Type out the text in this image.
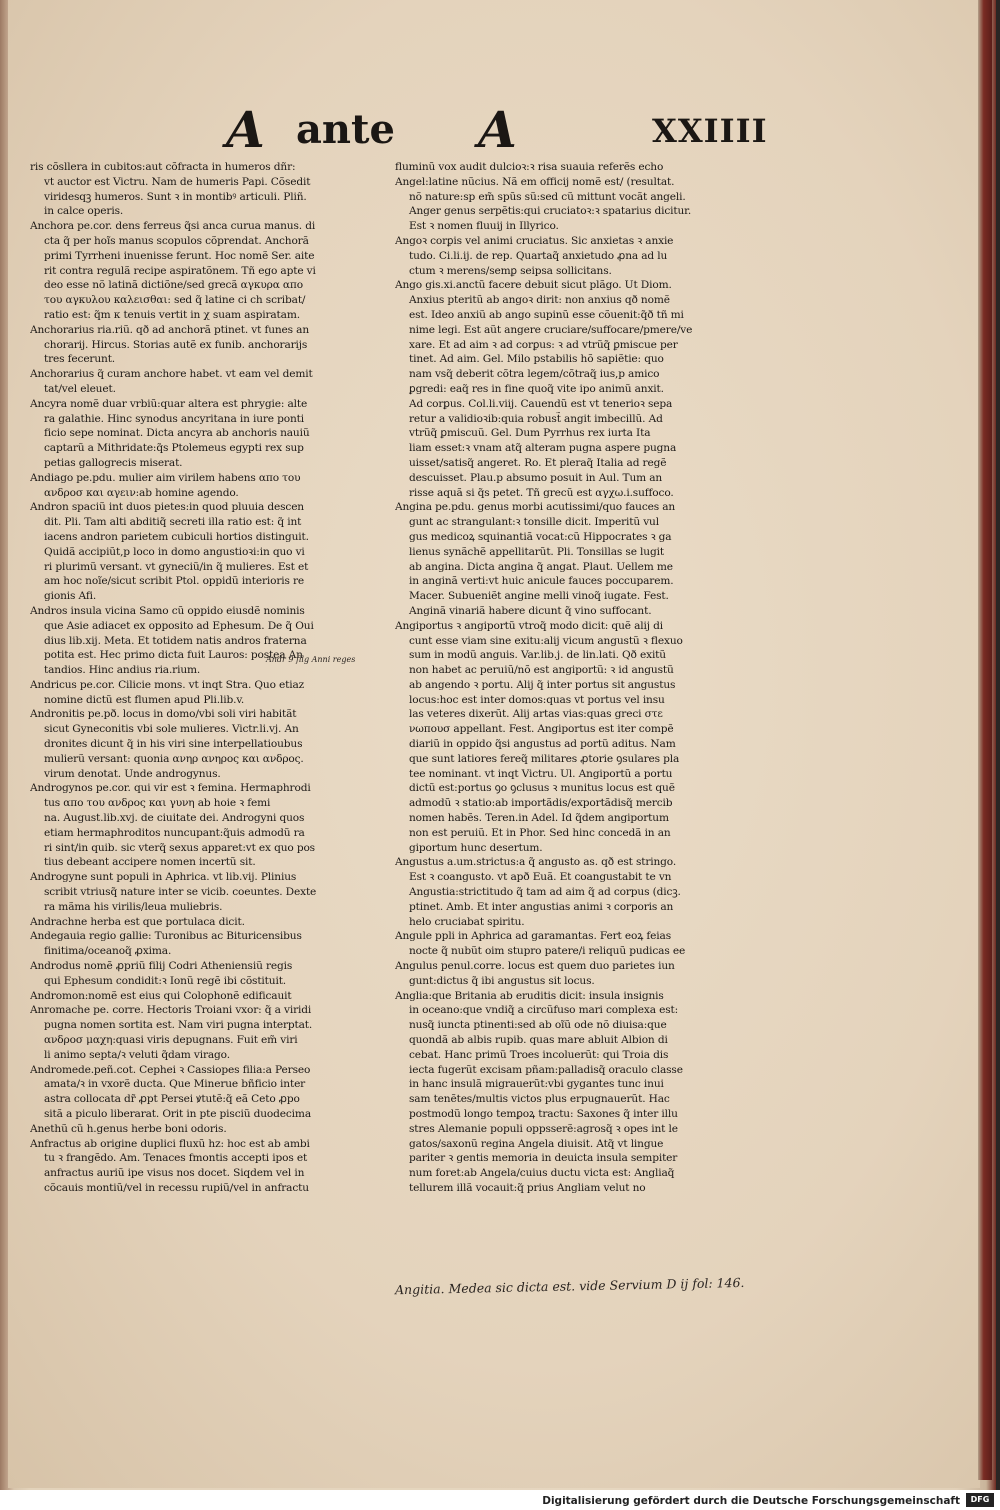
A ante A	XXIIII

ris cõsllera in cubitos:aut cõfracta in humeros dñr:

vt auctor est Victru. Nam de humeris Papi. Cõsedit

viridesqꝫ humeros. Sunt ꝛ in montibꝰ articuli. Pliñ.

in calce operis.

Anchora pe.cor. dens ferreus q̃si anca curua manus. di

cta q̃ per hoĩs manus scopulos cõprendat. Anchorã

primi Tyrrheni inuenisse ferunt. Hoc nomẽ Ser. aite

rit contra regulã recipe aspiratõnem. Tñ ego apte vi

deo esse nõ latinã dictiõne/sed grecã αγκυρα απο

του αγκυλου καλεισθαι: sed q̃ latine ci ch scribat/

ratio est: q̃m κ tenuis vertit in χ suam aspiratam.

Anchorarius ria.riũ. qð ad anchorã ptinet. vt funes an

chorarij. Hircus. Storias autẽ ex funib. anchorarijs

tres fecerunt.

Anchorarius q̃ curam anchore habet. vt eam vel demit

tat/vel eleuet.

Ancyra nomẽ duar vrbiũ:quar altera est phrygie: alte

ra galathie. Hinc synodus ancyritana in iure ponti

ficio sepe nominat. Dicta ancyra ab anchoris nauiũ

captarũ a Mithridate:q̃s Ptolemeus egypti rex sup

petias gallogrecis miserat.

Andiago pe.pdu. mulier aim virilem habens απο του

ανδροσ και αγειν:ab homine agendo.

Andron spaciũ int duos pietes:in quod pluuia descen

dit. Pli. Tam alti abditiq̃ secreti illa ratio est: q̃ int

iacens andron parietem cubiculi hortios distinguit.

Quidã accipiũt,p loco in domo angustioꝛi:in quo vi

ri plurimũ versant. vt gyneciũ/in q̃ mulieres. Est et

am hoc noĩe/sicut scribit Ptol. oppidũ interioris re

gionis Afi.

Andros insula vicina Samo cũ oppido eiusdẽ nominis

que Asie adiacet ex opposito ad Ephesum. De q̃ Oui

dius lib.xij. Meta. Et totidem natis andros fraterna

potita est. Hec primo dicta fuit Lauros: postea An

tandios. Hinc andius ria.rium.

Andricus pe.cor. Cilicie mons. vt inqt Stra. Quo etiaz

nomine dictũ est flumen apud Pli.lib.v.

Andronitis pe.pð. locus in domo/vbi soli viri habitãt

sicut Gyneconitis vbi sole mulieres. Victr.li.vj. An

dronites dicunt q̃ in his viri sine interpellatioubus

mulierũ versant: quonia ανηρ ανηρος και ανδρος.

virum denotat. Unde androgynus.

Androgynos pe.cor. qui vir est ꝛ femina. Hermaphrodi

tus απο του ανδρος και γυνη ab hoie ꝛ femi

na. August.lib.xvj. de ciuitate dei. Androgyni quos

etiam hermaphroditos nuncupant:q̃uis admodũ ra

ri sint/in quib. sic vterq̃ sexus apparet:vt ex quo pos

tius debeant accipere nomen incertũ sit.

Androgyne sunt populi in Aphrica. vt lib.vij. Plinius

scribit vtriusq̃ nature inter se vicib. coeuntes. Dexte

ra mãma his virilis/leua muliebris.

Andrachne herba est que portulaca dicit.

Andegauia regio gallie: Turonibus ac Bituricensibus

finitima/oceanoq̃ ꝓxima.

Androdus nomẽ ꝓpriũ filij Codri Atheniensiũ regis

qui Ephesum condidit:ꝛ Ionũ regẽ ibi cõstituit.

Andromon:nomẽ est eius qui Colophonẽ edificauit

Anromache pe. corre. Hectoris Troiani vxor: q̃ a viridi

pugna nomen sortita est. Nam viri pugna interptat.

ανδροσ μαχη:quasi viris depugnans. Fuit em̃ viri

li animo septa/ꝛ veluti q̃dam virago.

Andromede.peñ.cot. Cephei ꝛ Cassiopes filia:a Perseo

amata/ꝛ in vxorẽ ducta. Que Minerue bñficio inter

astra collocata dr̃ ꝓpt Persei ꝟtutẽ:q̃ eã Ceto ꝓpo

sitã a piculo liberarat. Orit in pte pisciũ duodecima

Anethũ cũ h.genus herbe boni odoris.

Anfractus ab origine duplici fluxũ hz: hoc est ab ambi

tu ꝛ frangẽdo. Am. Tenaces fmontis accepti ipos et

anfractus auriũ ipe visus nos docet. Siqdem vel in

cõcauis montiũ/vel in recessu rupiũ/vel in anfractu

fluminũ vox audit dulcioꝛ:ꝛ risa suauia referẽs echo

Angel:latine nũcius. Nã em officij nomẽ est/ (resultat.

nõ nature:sp em̃ spũs sũ:sed cũ mittunt vocãt angeli.

Anger genus serpẽtis:qui cruciatoꝛ:ꝛ spatarius dicitur.

Est ꝛ nomen fluuij in Illyrico.

Angoꝛ corꝑis vel animi cruciatus. Sic anxietas ꝛ anxie

tudo. Ci.li.ij. de rep. Quartaq̃ anxietudo ꝓna ad lu

ctum ꝛ merens/semꝑ seipsa sollicitans.

Ango gis.xi.anctũ facere debuit sicut plãgo. Ut Diom.

Anxius pteritũ ab angoꝛ dirit: non anxius qð nomẽ

est. Ideo anxiũ ab ango supinũ esse cõuenit:q̃ð tñ mi

nime legi. Est aũt angere cruciare/suffocare/pmere/ve

xare. Et ad aim ꝛ ad corꝑus: ꝛ ad vtrũq̃ ꝑmiscue per

tinet. Ad aim. Gel. Milo pstabilis hõ sapiẽtie: quo

nam vsq̃ deberit cõtra legem/cõtraq̃ ius,p amico

ꝑgredi: eaq̃ res in fine quoq̃ vite ipo animũ anxit.

Ad corꝑus. Col.li.viij. Cauendũ est vt tenerioꝛ sepa

retur a validioꝛib:quia robust̃ angit imbecillũ. Ad

vtrũq̃ ꝑmiscuũ. Gel. Dum Pyrrhus rex iurta Ita

liam esset:ꝛ vnam atq̃ alteram pugna aspere pugna

uisset/satisq̃ angeret. Ro. Et pleraq̃ Italia ad regẽ

descuisset. Plau.p absumo posuit in Aul. Tum an

risse aquã si q̃s petet. Tñ grecũ est αγχω.i.suffoco.

Angina pe.pdu. genus morbi acutissimi/quo fauces an

gunt ac strangulant:ꝛ tonsille dicit. Imperitũ vul

gus medicoꝝ squinantiã vocat:cũ Hippocrates ꝛ ga

lienus synãchẽ appellitarũt. Pli. Tonsillas se lugit

ab angina. Dicta angina q̃ angat. Plaut. Uellem me

in anginã verti:vt huic anicule fauces poccuparem.

Macer. Subueniẽt angine melli vinoq̃ iugate. Fest.

Anginã vinariã habere dicunt q̃ vino suffocant.

Angiportus ꝛ angiportũ vtroq̃ modo dicit: quẽ alij di

cunt esse viam sine exitu:alij vicum angustũ ꝛ flexuo

sum in modũ anguis. Var.lib.j. de lin.lati. Qð exitũ

non habet ac peruiũ/nõ est angiportũ: ꝛ id angustũ

ab angendo ꝛ portu. Alij q̃ inter portus sit angustus

locus:hoc est inter domos:quas vt portus vel insu

las veteres dixerũt. Alij artas vias:quas greci στε

νωπουσ appellant. Fest. Angiportus est iter compẽ

diariũ in oppido q̃si angustus ad portũ aditus. Nam

que sunt latiores fereq̃ militares ꝓtorie ꝯsulares pla

tee nominant. vt inqt Victru. Ul. Angiportũ a portu

dictũ est:portus ꝯo ꝯclusus ꝛ munitus locus est quẽ

admodũ ꝛ statio:ab importãdis/exportãdisq̃ mercib

nomen habẽs. Teren.in Adel. Id q̃dem angiportum

non est peruiũ. Et in Phor. Sed hinc concedã in an

giportum hunc desertum.

Angustus a.um.strictus:a q̃ angusto as. qð est stringo.

Est ꝛ coangusto. vt apð Euã. Et coangustabit te vn

Angustia:strictitudo q̃ tam ad aim q̃ ad corpus (dicꝫ.

ptinet. Amb. Et inter angustias animi ꝛ corporis an

helo cruciabat spiritu.

Angule ppli in Aphrica ad garamantas. Fert eoꝝ feias

nocte q̃ nubũt oim stupro patere/i reliquũ pudicas ee

Angulus penul.corre. locus est quem duo parietes iun

gunt:dictus q̃ ibi angustus sit locus.

Anglia:que Britania ab eruditis dicit: insula insignis

in oceano:que vndiq̃ a circũfuso mari complexa est:

nusq̃ iuncta ptinenti:sed ab oĩũ ode nõ diuisa:que

quondã ab albis rupib. quas mare abluit Albion di

cebat. Hanc primũ Troes incoluerũt: qui Troia dis

iecta fugerũt excisam pñam:palladisq̃ oraculo classe

in hanc insulã migrauerũt:vbi gygantes tunc inui

sam tenẽtes/multis victos plus erpugnauerũt. Hac

postmodũ longo temꝑoꝝ tractu: Saxones q̃ inter illu

stres Alemanie populi oppsserẽ:agrosq̃ ꝛ opes int le

gatos/saxonũ regina Angela diuisit. Atq̃ vt lingue

pariter ꝛ gentis memoria in deuicta insula sempiter

num foret:ab Angela/cuius ductu victa est: Angliaq̃

tellurem illã vocauit:q̃ prius Angliam velut no

Andr 9 filg Anni reges
Angitia. Medea sic dicta est. vide Servium D ij fol: 146.
Digitalisierung gefördert durch die Deutsche Forschungsgemeinschaft	DFG
